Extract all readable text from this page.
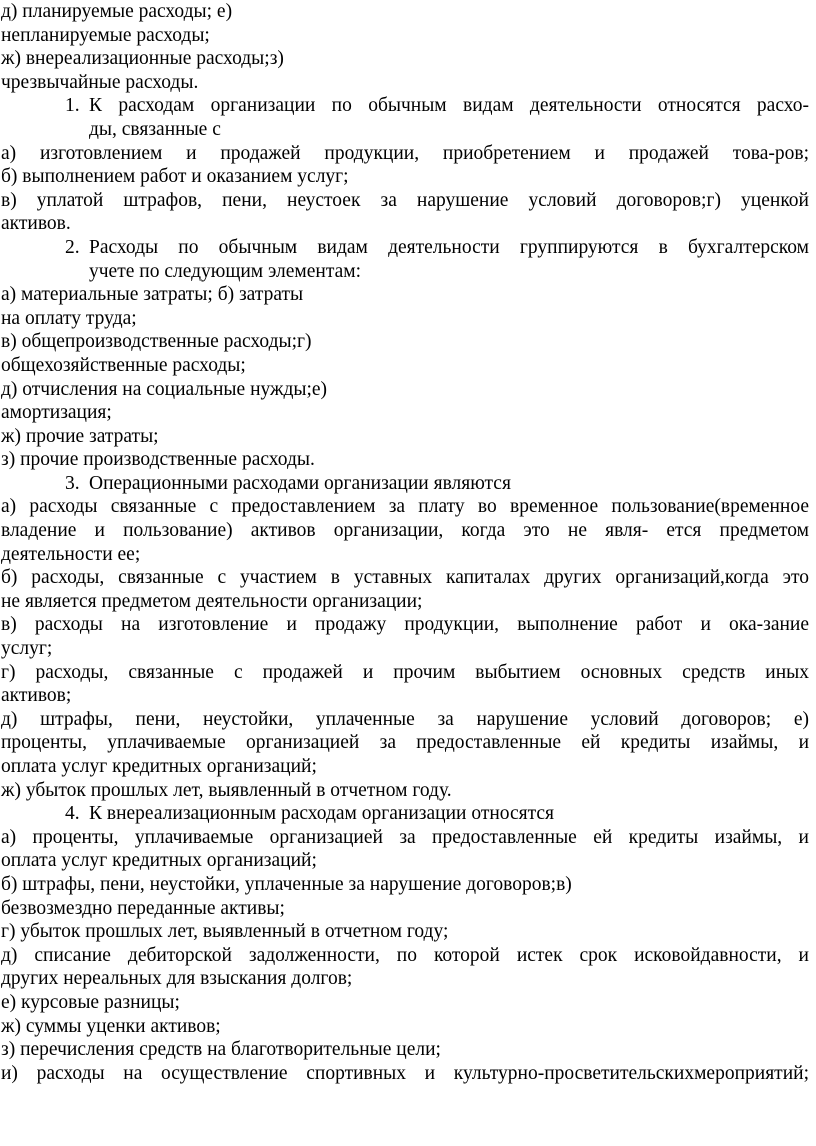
д) планируемые расходы; е)
непланируемые расходы;
ж) внереализационные расходы;з)
чрезвычайные расходы.
1. К расходам организации по обычным видам деятельности относятся расхо-
ды, связанные с
а) изготовлением и продажей продукции, приобретением и продажей това-ров;
б) выполнением работ и оказанием услуг;
в) уплатой штрафов, пени, неустоек за нарушение условий договоров;г) уценкой
активов.
2. Расходы по обычным видам деятельности группируются в бухгалтерском
учете по следующим элементам:
а) материальные затраты; б) затраты
на оплату труда;
в) общепроизводственные расходы;г)
общехозяйственные расходы;
д) отчисления на социальные нужды;е)
амортизация;
ж) прочие затраты;
з) прочие производственные расходы.
3. Операционными расходами организации являются
а) расходы связанные с предоставлением за плату во временное пользование(временное
владение и пользование) активов организации, когда это не явля- ется предметом
деятельности ее;
б) расходы, связанные с участием в уставных капиталах других организаций,когда это
не является предметом деятельности организации;
в) расходы на изготовление и продажу продукции, выполнение работ и ока-зание
услуг;
г) расходы, связанные с продажей и прочим выбытием основных средств иных
активов;
д) штрафы, пени, неустойки, уплаченные за нарушение условий договоров; е)
проценты, уплачиваемые организацией за предоставленные ей кредиты изаймы, и
оплата услуг кредитных организаций;
ж) убыток прошлых лет, выявленный в отчетном году.
4. К внереализационным расходам организации относятся
а) проценты, уплачиваемые организацией за предоставленные ей кредиты изаймы, и
оплата услуг кредитных организаций;
б) штрафы, пени, неустойки, уплаченные за нарушение договоров;в)
безвозмездно переданные активы;
г) убыток прошлых лет, выявленный в отчетном году;
д) списание дебиторской задолженности, по которой истек срок исковойдавности, и
других нереальных для взыскания долгов;
е) курсовые разницы;
ж) суммы уценки активов;
з) перечисления средств на благотворительные цели;
и) расходы на осуществление спортивных и культурно-просветительскихмероприятий;
